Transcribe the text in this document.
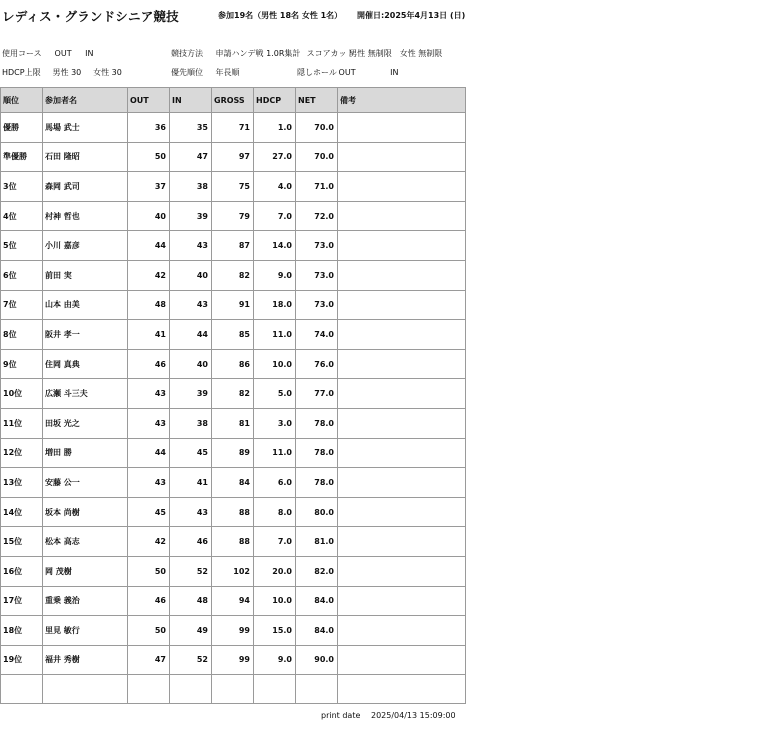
レディス・グランドシニア競技	参加19名（男性 18名 女性 1名） 開催日:2025年4月13日 (日)
使用コース OUT IN	競技方法 申請ハンデ戦 1.0R集計 スコアカット 男性 無制限 女性 無制限
HDCP上限 男性 30 女性 30	優先順位 年長順	隠しホール OUT	IN
順位	参加者名	OUT	IN	GROSS	HDCP	NET	備考
優勝	馬場 武士	36	35	71	1.0	70.0	
準優勝	石田 隆昭	50	47	97	27.0	70.0	
3位	森岡 武司	37	38	75	4.0	71.0	
4位	村神 哲也	40	39	79	7.0	72.0	
5位	小川 嘉彦	44	43	87	14.0	73.0	
6位	前田 実	42	40	82	9.0	73.0	
7位	山本 由美	48	43	91	18.0	73.0	
8位	阪井 孝一	41	44	85	11.0	74.0	
9位	住岡 真典	46	40	86	10.0	76.0	
10位	広瀬 斗三夫	43	39	82	5.0	77.0	
11位	田坂 光之	43	38	81	3.0	78.0	
12位	増田 勝	44	45	89	11.0	78.0	
13位	安藤 公一	43	41	84	6.0	78.0	
14位	坂本 尚樹	45	43	88	8.0	80.0	
15位	松本 高志	42	46	88	7.0	81.0	
16位	岡 茂樹	50	52	102	20.0	82.0	
17位	重乗 義治	46	48	94	10.0	84.0	
18位	里見 敏行	50	49	99	15.0	84.0	
19位	福井 秀樹	47	52	99	9.0	90.0	

print date 2025/04/13 15:09:00
